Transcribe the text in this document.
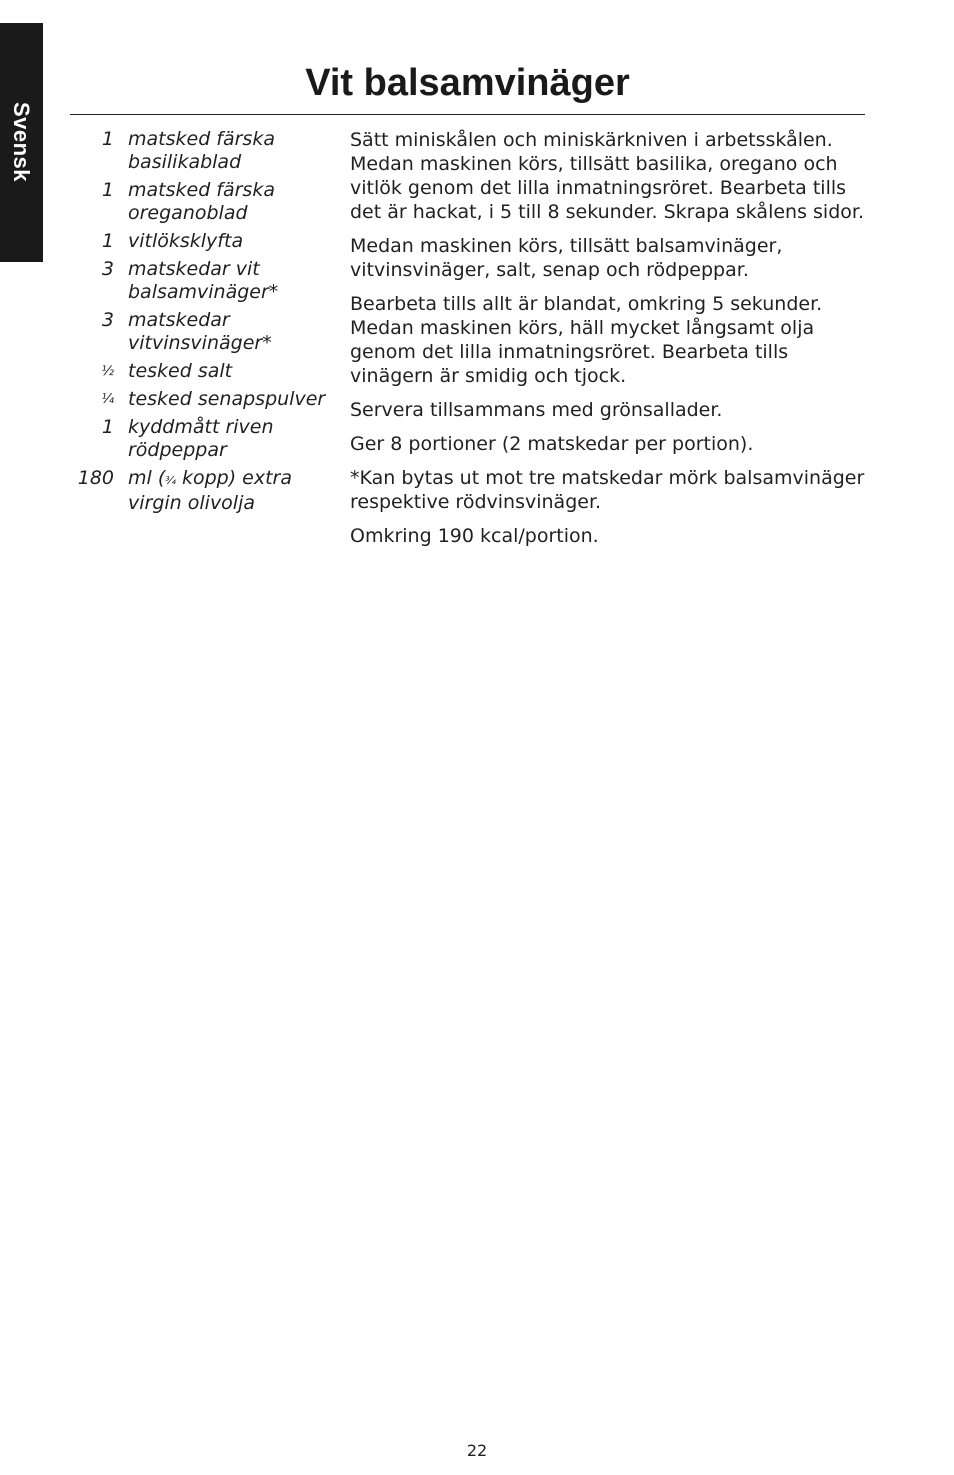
Svensk
Vit balsamvinäger
1 matsked färska basilikablad
1 matsked färska oreganoblad
1 vitlöksklyfta
3 matskedar vit balsamvinäger*
3 matskedar vitvinsvinäger*
½ tesked salt
¼ tesked senapspulver
1 kyddmått riven rödpeppar
180 ml (¾ kopp) extra virgin olivolja

Sätt miniskålen och miniskärkniven i arbetsskålen. Medan maskinen körs, tillsätt basilika, oregano och vitlök genom det lilla inmatningsröret. Bearbeta tills det är hackat, i 5 till 8 sekunder. Skrapa skålens sidor.

Medan maskinen körs, tillsätt balsamvinäger, vitvinsvinäger, salt, senap och rödpeppar.

Bearbeta tills allt är blandat, omkring 5 sekunder. Medan maskinen körs, häll mycket långsamt olja genom det lilla inmatningsröret. Bearbeta tills vinägern är smidig och tjock.

Servera tillsammans med grönsallader.

Ger 8 portioner (2 matskedar per portion).

*Kan bytas ut mot tre matskedar mörk balsamvinäger respektive rödvinsvinäger.

Omkring 190 kcal/portion.

22
